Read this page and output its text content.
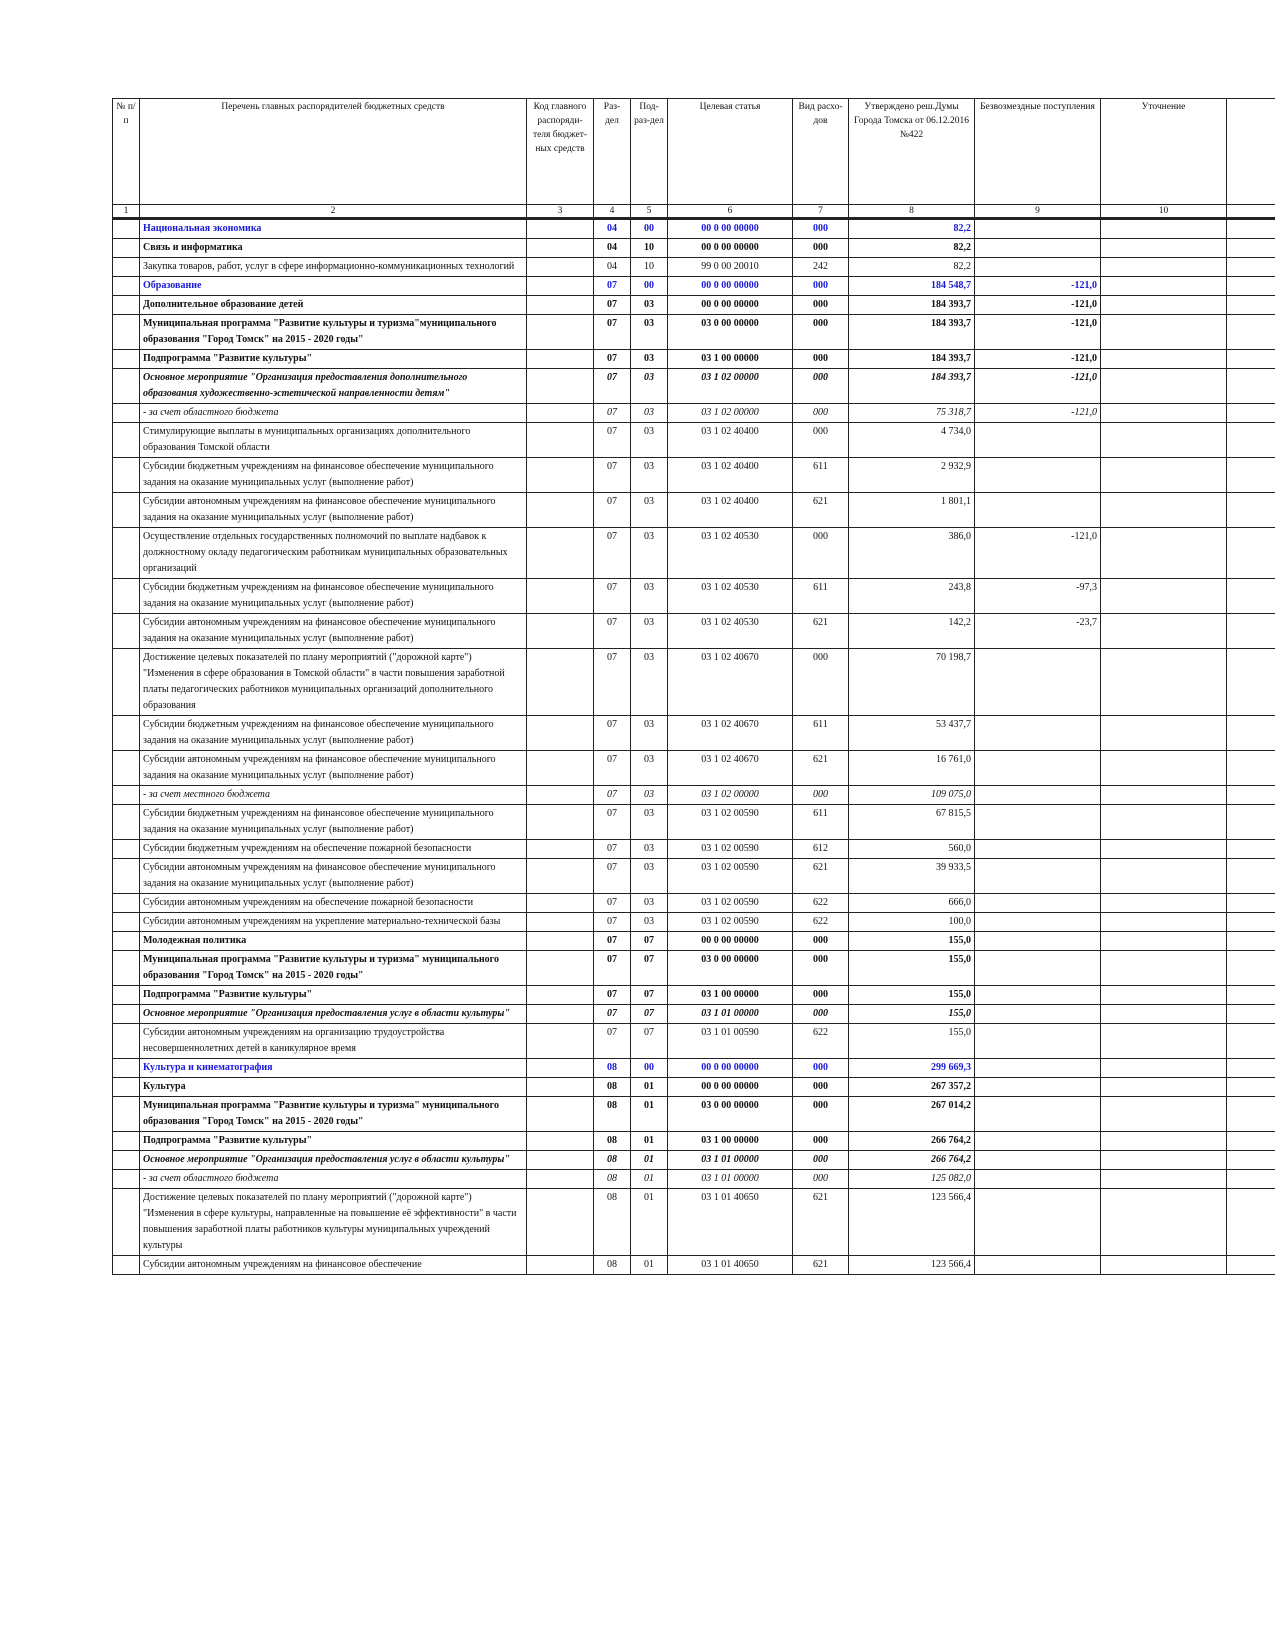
№ п/п	Перечень главных распорядителей бюджетных средств	Код главного распоряди-теля бюджет-ных средств	Раз-дел	Под-раз-дел	Целевая статья	Вид расхо-дов	Утверждено реш.Думы Города Томска от 06.12.2016 №422	Безвозмездные поступления	Уточнение	
1	2	3	4	5	6	7	8	9	10	
	Национальная экономика		04	00	00 0 00 00000	000	82,2			
	Связь и информатика		04	10	00 0 00 00000	000	82,2			
	Закупка товаров, работ, услуг в сфере информационно-коммуникационных технологий		04	10	99 0 00 20010	242	82,2			
	Образование		07	00	00 0 00 00000	000	184 548,7	-121,0		
	Дополнительное образование детей		07	03	00 0 00 00000	000	184 393,7	-121,0		
	Муниципальная программа "Развитие культуры и туризма"муниципального образования "Город Томск" на 2015 - 2020 годы"		07	03	03 0 00 00000	000	184 393,7	-121,0		
	Подпрограмма "Развитие культуры"		07	03	03 1 00 00000	000	184 393,7	-121,0		
	Основное мероприятие "Организация предоставления дополнительного образования художественно-эстетической направленности детям"		07	03	03 1 02 00000	000	184 393,7	-121,0		
	- за счет областного бюджета		07	03	03 1 02 00000	000	75 318,7	-121,0		
	Стимулирующие выплаты в муниципальных организациях дополнительного образования Томской области		07	03	03 1 02 40400	000	4 734,0			
	Субсидии бюджетным учреждениям на финансовое обеспечение муниципального задания на оказание муниципальных услуг (выполнение работ)		07	03	03 1 02 40400	611	2 932,9			
	Субсидии автономным учреждениям на финансовое обеспечение муниципального задания на оказание муниципальных услуг (выполнение работ)		07	03	03 1 02 40400	621	1 801,1			
	Осуществление отдельных государственных полномочий по выплате надбавок к должностному окладу педагогическим работникам муниципальных образовательных организаций		07	03	03 1 02 40530	000	386,0	-121,0		
	Субсидии бюджетным учреждениям на финансовое обеспечение муниципального задания на оказание муниципальных услуг (выполнение работ)		07	03	03 1 02 40530	611	243,8	-97,3		
	Субсидии автономным учреждениям на финансовое обеспечение муниципального задания на оказание муниципальных услуг (выполнение работ)		07	03	03 1 02 40530	621	142,2	-23,7		
	Достижение целевых показателей по плану мероприятий ("дорожной карте") "Изменения в сфере образования в Томской области" в части повышения заработной платы педагогических работников муниципальных организаций дополнительного образования		07	03	03 1 02 40670	000	70 198,7			
	Субсидии бюджетным учреждениям на финансовое обеспечение муниципального задания на оказание муниципальных услуг (выполнение работ)		07	03	03 1 02 40670	611	53 437,7			
	Субсидии автономным учреждениям на финансовое обеспечение муниципального задания на оказание муниципальных услуг (выполнение работ)		07	03	03 1 02 40670	621	16 761,0			
	- за счет местного бюджета		07	03	03 1 02 00000	000	109 075,0			
	Субсидии бюджетным учреждениям на финансовое обеспечение муниципального задания на оказание муниципальных услуг (выполнение работ)		07	03	03 1 02 00590	611	67 815,5			
	Субсидии бюджетным учреждениям на обеспечение пожарной безопасности		07	03	03 1 02 00590	612	560,0			
	Субсидии автономным учреждениям на финансовое обеспечение муниципального задания на оказание муниципальных услуг (выполнение работ)		07	03	03 1 02 00590	621	39 933,5			
	Субсидии автономным учреждениям на обеспечение пожарной безопасности		07	03	03 1 02 00590	622	666,0			
	Субсидии автономным учреждениям на укрепление материально-технической базы		07	03	03 1 02 00590	622	100,0			
	Молодежная политика		07	07	00 0 00 00000	000	155,0			
	Муниципальная программа "Развитие культуры и туризма" муниципального образования "Город Томск" на 2015 - 2020 годы"		07	07	03 0 00 00000	000	155,0			
	Подпрограмма "Развитие культуры"		07	07	03 1 00 00000	000	155,0			
	Основное мероприятие "Организация предоставления услуг в области культуры"		07	07	03 1 01 00000	000	155,0			
	Субсидии автономным учреждениям на организацию трудоустройства несовершеннолетних детей в каникулярное время		07	07	03 1 01 00590	622	155,0			
	Культура и кинематография		08	00	00 0 00 00000	000	299 669,3			
	Культура		08	01	00 0 00 00000	000	267 357,2			
	Муниципальная программа "Развитие культуры и туризма" муниципального образования "Город Томск" на 2015 - 2020 годы"		08	01	03 0 00 00000	000	267 014,2			
	Подпрограмма "Развитие культуры"		08	01	03 1 00 00000	000	266 764,2			
	Основное мероприятие "Организация предоставления услуг в области культуры"		08	01	03 1 01 00000	000	266 764,2			
	- за счет областного бюджета		08	01	03 1 01 00000	000	125 082,0			
	Достижение целевых показателей по плану мероприятий ("дорожной карте") "Изменения в сфере культуры, направленные на повышение её эффективности" в части повышения заработной платы работников культуры муниципальных учреждений культуры		08	01	03 1 01 40650	621	123 566,4			
	Субсидии автономным учреждениям на финансовое обеспечение		08	01	03 1 01 40650	621	123 566,4			
